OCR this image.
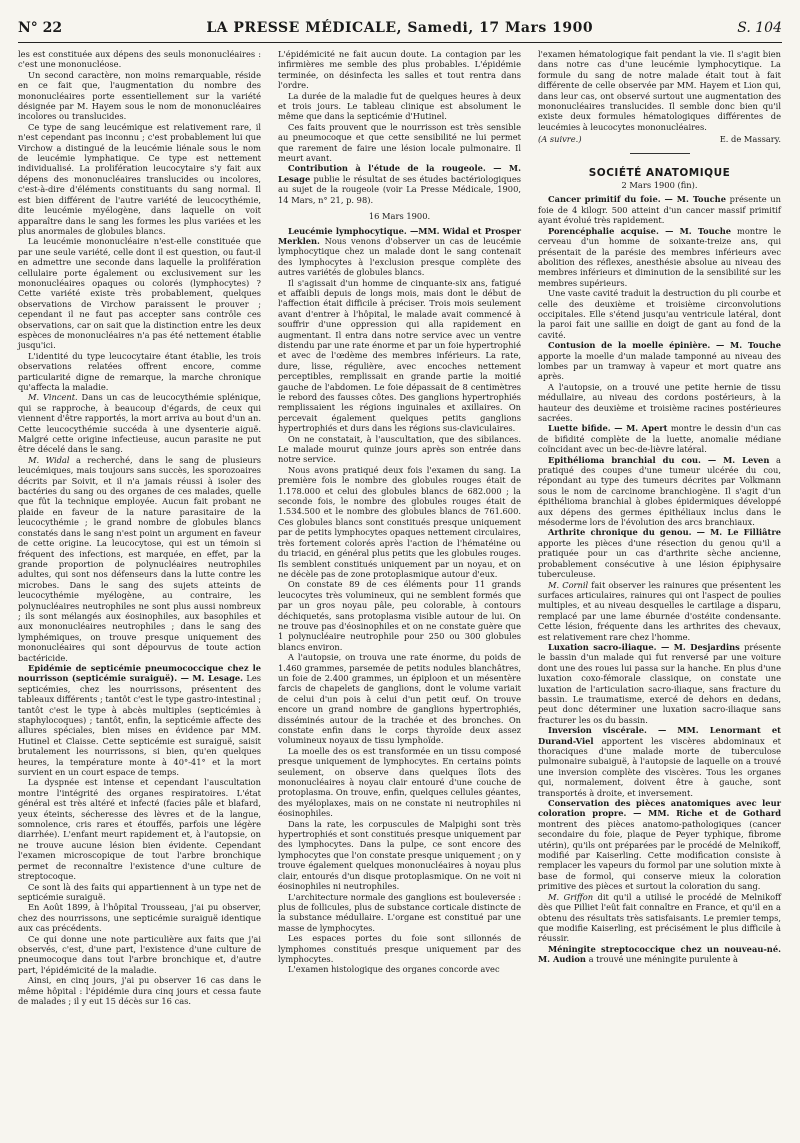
N° 22	LA PRESSE MÉDICALE, Samedi, 17 Mars 1900	S. 104

les est constituée aux dépens des seuls mononucléaires : c'est une mononucléose.

Un second caractère, non moins remarquable, réside en ce fait que, l'augmentation du nombre des mononucléaires porte essentiellement sur la variété désignée par M. Hayem sous le nom de mononucléaires incolores ou translucides.

Ce type de sang leucémique est relativement rare, il n'est cependant pas inconnu ; c'est probablement lui que Virchow a distingué de la leucémie liénale sous le nom de leucémie lymphatique. Ce type est nettement individualisé. La prolifération leucocytaire s'y fait aux dépens des mononucléaires translucides ou incolores, c'est-à-dire d'éléments constituants du sang normal. Il est bien différent de l'autre variété de leucocythémie, dite leucémie myélogène, dans laquelle on voit apparaître dans le sang les formes les plus variées et les plus anormales de globules blancs.

La leucémie mononucléaire n'est-elle constituée que par une seule variété, celle dont il est question, ou faut-il en admettre une seconde dans laquelle la prolifération cellulaire porte également ou exclusivement sur les mononucléaires opaques ou colorés (lymphocytes) ? Cette variété existe très probablement, quelques observations de Virchow paraissent le prouver ; cependant il ne faut pas accepter sans contrôle ces observations, car on sait que la distinction entre les deux espèces de mononucléaires n'a pas été nettement établie jusqu'ici.

L'identité du type leucocytaire étant établie, les trois observations relatées offrent encore, comme particularité digne de remarque, la marche chronique qu'affecta la maladie.

M. Vincent. Dans un cas de leucocythémie splénique, qui se rapproche, à beaucoup d'égards, de ceux qui viennent d'être rapportés, la mort arriva au bout d'un an. Cette leucocythémie succéda à une dysenterie aiguë. Malgré cette origine infectieuse, aucun parasite ne put être décelé dans le sang.

M. Widal a recherché, dans le sang de plusieurs leucémiques, mais toujours sans succès, les sporozoaires décrits par Soivit, et il n'a jamais réussi à isoler des bactéries du sang ou des organes de ces malades, quelle que fût la technique employée. Aucun fait probant ne plaide en faveur de la nature parasitaire de la leucocythémie ; le grand nombre de globules blancs constatés dans le sang n'est point un argument en faveur de cette origine. La leucocytose, qui est un témoin si fréquent des infections, est marquée, en effet, par la grande proportion de polynucléaires neutrophiles adultes, qui sont nos défenseurs dans la lutte contre les microbes. Dans le sang des sujets atteints de leucocythémie myélogène, au contraire, les polynucléaires neutrophiles ne sont plus aussi nombreux ; ils sont mélangés aux éosinophiles, aux basophiles et aux mononucléaires neutrophiles ; dans le sang des lymphémiques, on trouve presque uniquement des mononucléaires qui sont dépourvus de toute action bactéricide.

Epidémie de septicémie pneumococcique chez le nourrisson (septicémie suraiguë). — M. Lesage. Les septicémies, chez les nourrissons, présentent des tableaux différents ; tantôt c'est le type gastro-intestinal ; tantôt c'est le type à abcès multiples (septicémies à staphylocoques) ; tantôt, enfin, la septicémie affecte des allures spéciales, bien mises en évidence par MM. Hutinel et Claisse. Cette septicémie est suraiguë, saisit brutalement les nourrissons, si bien, qu'en quelques heures, la température monte à 40°-41° et la mort survient en un court espace de temps.

La dyspnée est intense et cependant l'auscultation montre l'intégrité des organes respiratoires. L'état général est très altéré et infecté (facies pâle et blafard, yeux éteints, sécheresse des lèvres et de la langue, somnolence, cris rares et étouffés, parfois une légère diarrhée). L'enfant meurt rapidement et, à l'autopsie, on ne trouve aucune lésion bien évidente. Cependant l'examen microscopique de tout l'arbre bronchique permet de reconnaître l'existence d'une culture de streptocoque.

Ce sont là des faits qui appartiennent à un type net de septicémie suraiguë.

En Août 1899, à l'hôpital Trousseau, j'ai pu observer, chez des nourrissons, une septicémie suraiguë identique aux cas précédents.

Ce qui donne une note particulière aux faits que j'ai observés, c'est, d'une part, l'existence d'une culture de pneumocoque dans tout l'arbre bronchique et, d'autre part, l'épidémicité de la maladie.

Ainsi, en cinq jours, j'ai pu observer 16 cas dans le même hôpital : l'épidémie dura cinq jours et cessa faute de malades ; il y eut 15 décès sur 16 cas.

L'épidémicité ne fait aucun doute. La contagion par les infirmières me semble des plus probables. L'épidémie terminée, on désinfecta les salles et tout rentra dans l'ordre.

La durée de la maladie fut de quelques heures à deux et trois jours. Le tableau clinique est absolument le même que dans la septicémie d'Hutinel.

Ces faits prouvent que le nourrisson est très sensible au pneumocoque et que cette sensibilité ne lui permet que rarement de faire une lésion locale pulmonaire. Il meurt avant.

Contribution à l'étude de la rougeole. — M. Lesage publie le résultat de ses études bactériologiques au sujet de la rougeole (voir La Presse Médicale, 1900, 14 Mars, n° 21, p. 98).

16 Mars 1900.

Leucémie lymphocytique. —MM. Widal et Prosper Merklen. Nous venons d'observer un cas de leucémie lymphocytique chez un malade dont le sang contenait des lymphocytes à l'exclusion presque complète des autres variétés de globules blancs.

Il s'agissait d'un homme de cinquante-six ans, fatigué et affaibli depuis de longs mois, mais dont le début de l'affection était difficile à préciser. Trois mois seulement avant d'entrer à l'hôpital, le malade avait commencé à souffrir d'une oppression qui alla rapidement en augmentant. Il entra dans notre service avec un ventre distendu par une rate énorme et par un foie hypertrophié et avec de l'œdème des membres inférieurs. La rate, dure, lisse, régulière, avec encoches nettement perceptibles, remplissait en grande partie la moitié gauche de l'abdomen. Le foie dépassait de 8 centimètres le rebord des fausses côtes. Des ganglions hypertrophiés remplissaient les régions inguinales et axillaires. On percevait également quelques petits ganglions hypertrophiés et durs dans les régions sus-claviculaires.

On ne constatait, à l'auscultation, que des sibilances. Le malade mourut quinze jours après son entrée dans notre service.

Nous avons pratiqué deux fois l'examen du sang. La première fois le nombre des globules rouges était de 1.178.000 et celui des globules blancs de 682.000 ; la seconde fois, le nombre des globules rouges était de 1.534.500 et le nombre des globules blancs de 761.600. Ces globules blancs sont constitués presque uniquement par de petits lymphocytes opaques nettement circulaires, très fortement colorés après l'action de l'hématéine ou du triacid, en général plus petits que les globules rouges. Ils semblent constitués uniquement par un noyau, et on ne décèle pas de zone protoplasmique autour d'eux.

On constate 89 de ces éléments pour 11 grands leucocytes très volumineux, qui ne semblent formés que par un gros noyau pâle, peu colorable, à contours déchiquetés, sans protoplasma visible autour de lui. On ne trouve pas d'éosinophiles et on ne constate guère que 1 polynucléaire neutrophile pour 250 ou 300 globules blancs environ.

A l'autopsie, on trouva une rate énorme, du poids de 1.460 grammes, parsemée de petits nodules blanchâtres, un foie de 2.400 grammes, un épiploon et un mésentère farcis de chapelets de ganglions, dont le volume variait de celui d'un pois à celui d'un petit œuf. On trouve encore un grand nombre de ganglions hypertrophiés, disséminés autour de la trachée et des bronches. On constate enfin dans le corps thyroïde deux assez volumineux noyaux de tissu lymphoïde.

La moelle des os est transformée en un tissu composé presque uniquement de lymphocytes. En certains points seulement, on observe dans quelques îlots des mononucléaires à noyau clair entouré d'une couche de protoplasma. On trouve, enfin, quelques cellules géantes, des myéloplaxes, mais on ne constate ni neutrophiles ni éosinophiles.

Dans la rate, les corpuscules de Malpighi sont très hypertrophiés et sont constitués presque uniquement par des lymphocytes. Dans la pulpe, ce sont encore des lymphocytes que l'on constate presque uniquement ; on y trouve également quelques mononucléaires à noyau plus clair, entourés d'un disque protoplasmique. On ne voit ni éosinophiles ni neutrophiles.

L'architecture normale des ganglions est bouleversée : plus de follicules, plus de substance corticale distincte de la substance médullaire. L'organe est constitué par une masse de lymphocytes.

Les espaces portes du foie sont sillonnés de lymphomes constitués presque uniquement par des lymphocytes.

L'examen histologique des organes concorde avec

l'examen hématologique fait pendant la vie. Il s'agit bien dans notre cas d'une leucémie lymphocytique. La formule du sang de notre malade était tout à fait différente de celle observée par MM. Hayem et Lion qui, dans leur cas, ont observé surtout une augmentation des mononucléaires translucides. Il semble donc bien qu'il existe deux formules hématologiques différentes de leucémies à leucocytes mononucléaires.

(A suivre.)	E. de Massary.

SOCIÉTÉ ANATOMIQUE

2 Mars 1900 (fin).

Cancer primitif du foie. — M. Touche présente un foie de 4 kilogr. 500 atteint d'un cancer massif primitif ayant évolué très rapidement.

Porencéphalie acquise. — M. Touche montre le cerveau d'un homme de soixante-treize ans, qui présentait de la parésie des membres inférieurs avec abolition des réflexes, anesthésie absolue au niveau des membres inférieurs et diminution de la sensibilité sur les membres supérieurs.

Une vaste cavité traduit la destruction du pli courbe et celle des deuxième et troisième circonvolutions occipitales. Elle s'étend jusqu'au ventricule latéral, dont la paroi fait une saillie en doigt de gant au fond de la cavité.

Contusion de la moelle épinière. — M. Touche apporte la moelle d'un malade tamponné au niveau des lombes par un tramway à vapeur et mort quatre ans après.

A l'autopsie, on a trouvé une petite hernie de tissu médullaire, au niveau des cordons postérieurs, à la hauteur des deuxième et troisième racines postérieures sacrées.

Luette bifide. — M. Apert montre le dessin d'un cas de bifidité complète de la luette, anomalie médiane coïncidant avec un bec-de-lièvre latéral.

Epithélioma branchial du cou. — M. Leven a pratiqué des coupes d'une tumeur ulcérée du cou, répondant au type des tumeurs décrites par Volkmann sous le nom de carcinome branchiogène. Il s'agit d'un épithélioma branchial à globes épidermiques développé aux dépens des germes épithéliaux inclus dans le mésoderme lors de l'évolution des arcs branchiaux.

Arthrite chronique du genou. — M. Le Filliâtre apporte les pièces d'une résection du genou qu'il a pratiquée pour un cas d'arthrite sèche ancienne, probablement consécutive à une lésion épiphysaire tuberculeuse.

M. Cornil fait observer les rainures que présentent les surfaces articulaires, rainures qui ont l'aspect de poulies multiples, et au niveau desquelles le cartilage a disparu, remplacé par une lame éburnée d'ostéite condensante. Cette lésion, fréquente dans les arthrites des chevaux, est relativement rare chez l'homme.

Luxation sacro-iliaque. — M. Desjardins présente le bassin d'un malade qui fut renversé par une voiture dont une des roues lui passa sur la hanche. En plus d'une luxation coxo-fémorale classique, on constate une luxation de l'articulation sacro-iliaque, sans fracture du bassin. Le traumatisme, exercé de dehors en dedans, peut donc déterminer une luxation sacro-iliaque sans fracturer les os du bassin.

Inversion viscérale. — MM. Lenormant et Durand-Viel apportent les viscères abdominaux et thoraciques d'une malade morte de tuberculose pulmonaire subaiguë, à l'autopsie de laquelle on a trouvé une inversion complète des viscères. Tous les organes qui, normalement, doivent être à gauche, sont transportés à droite, et inversement.

Conservation des pièces anatomiques avec leur coloration propre. — MM. Riche et de Gothard montrent des pièces anatomo-pathologiques (cancer secondaire du foie, plaque de Peyer typhique, fibrome utérin), qu'ils ont préparées par le procédé de Melnikoff, modifié par Kaiserling. Cette modification consiste à remplacer les vapeurs du formol par une solution mixte à base de formol, qui conserve mieux la coloration primitive des pièces et surtout la coloration du sang.

M. Griffon dit qu'il a utilisé le procédé de Melnikoff dès que Pilliet l'eût fait connaître en France, et qu'il en a obtenu des résultats très satisfaisants. Le premier temps, que modifie Kaiserling, est précisément le plus difficile à réussir.

Méningite streptococcique chez un nouveau-né. M. Audion a trouvé une méningite purulente à
